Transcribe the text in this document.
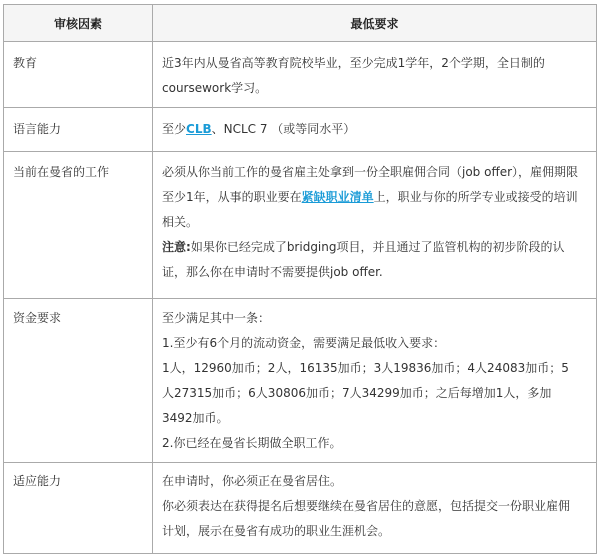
审核因素	最低要求
教育	近3年内从曼省高等教育院校毕业，至少完成1学年，2个学期，全日制的coursework学习。
语言能力	至少CLB、NCLC 7 （或等同水平）
当前在曼省的工作	必须从你当前工作的曼省雇主处拿到一份全职雇佣合同（job offer），雇佣期限至少1年，从事的职业要在紧缺职业清单上，职业与你的所学专业或接受的培训相关。

注意:如果你已经完成了bridging项目，并且通过了监管机构的初步阶段的认证，那么你在申请时不需要提供job offer.

资金要求	至少满足其中一条：

1.至少有6个月的流动资金，需要满足最低收入要求：

1人，12960加币；2人，16135加币；3人19836加币；4人24083加币；5人27315加币；6人30806加币；7人34299加币；之后每增加1人，多加3492加币。

2.你已经在曼省长期做全职工作。

适应能力	在申请时，你必须正在曼省居住。

你必须表达在获得提名后想要继续在曼省居住的意愿，包括提交一份职业雇佣计划，展示在曼省有成功的职业生涯机会。
